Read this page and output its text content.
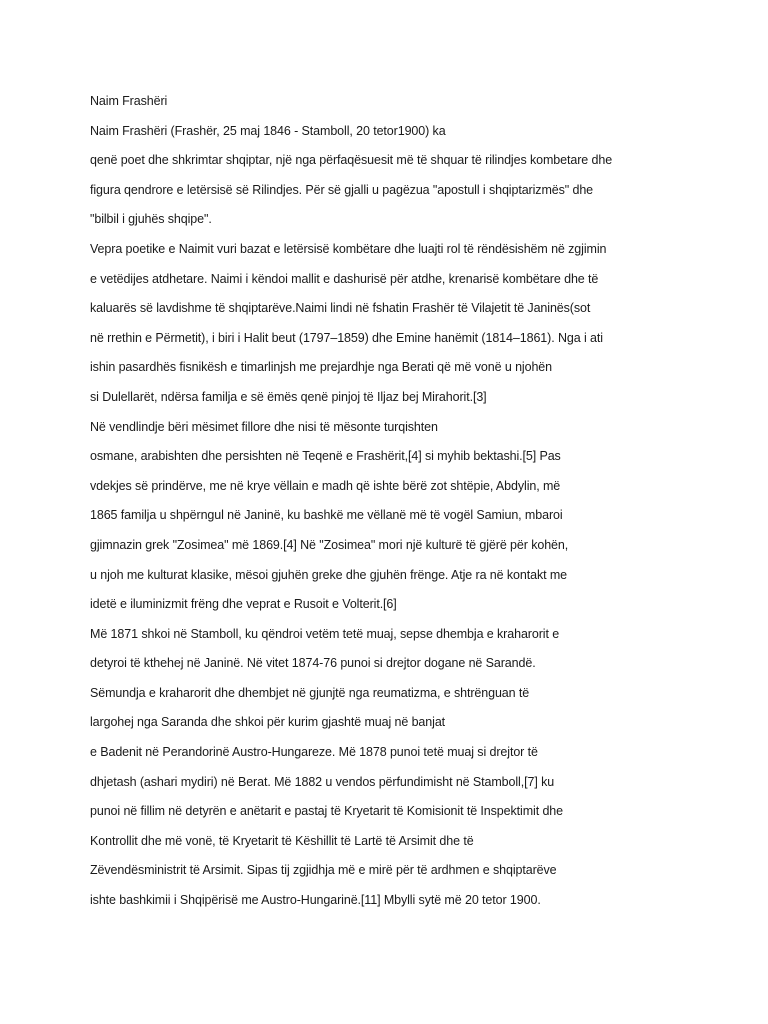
Naim Frashëri
Naim Frashëri (Frashër, 25 maj 1846 - Stamboll, 20 tetor1900) ka
qenë poet dhe shkrimtar shqiptar, një nga përfaqësuesit më të shquar të rilindjes kombetare dhe
figura qendrore e letërsisë së Rilindjes. Për së gjalli u pagëzua "apostull i shqiptarizmës" dhe
"bilbil i gjuhës shqipe".
Vepra poetike e Naimit vuri bazat e letërsisë kombëtare dhe luajti rol të rëndësishëm në zgjimin
e vetëdijes atdhetare. Naimi i këndoi mallit e dashurisë për atdhe, krenarisë kombëtare dhe të
kaluarës së lavdishme të shqiptarëve.Naimi lindi në fshatin Frashër të Vilajetit të Janinës(sot
në rrethin e Përmetit), i biri i Halit beut (1797–1859) dhe Emine hanëmit (1814–1861). Nga i ati
ishin pasardhës fisnikësh e timarlinjsh me prejardhje nga Berati që më vonë u njohën
si Dulellarët, ndërsa familja e së ëmës qenë pinjoj të Iljaz bej Mirahorit.[3]
Në vendlindje bëri mësimet fillore dhe nisi të mësonte turqishten
osmane, arabishten dhe persishten në Teqenë e Frashërit,[4] si myhib bektashi.[5] Pas
vdekjes së prindërve, me në krye vëllain e madh që ishte bërë zot shtëpie, Abdylin, më
1865 familja u shpërngul në Janinë, ku bashkë me vëllanë më të vogël Samiun, mbaroi
gjimnazin grek "Zosimea" më 1869.[4] Në "Zosimea" mori një kulturë të gjërë për kohën,
u njoh me kulturat klasike, mësoi gjuhën greke dhe gjuhën frënge. Atje ra në kontakt me
idetë e iluminizmit frëng dhe veprat e Rusoit e Volterit.[6]
Më 1871 shkoi në Stamboll, ku qëndroi vetëm tetë muaj, sepse dhembja e kraharorit e
detyroi të kthehej në Janinë. Në vitet 1874-76 punoi si drejtor dogane në Sarandë.
Sëmundja e kraharorit dhe dhembjet në gjunjtë nga reumatizma, e shtrënguan të
largohej nga Saranda dhe shkoi për kurim gjashtë muaj në banjat
e Badenit në Perandorinë Austro-Hungareze. Më 1878 punoi tetë muaj si drejtor të
dhjetash (ashari mydiri) në Berat. Më 1882 u vendos përfundimisht në Stamboll,[7] ku
punoi në fillim në detyrën e anëtarit e pastaj të Kryetarit të Komisionit të Inspektimit dhe
Kontrollit dhe më vonë, të Kryetarit të Këshillit të Lartë të Arsimit dhe të
Zëvendësministrit të Arsimit. Sipas tij zgjidhja më e mirë për të ardhmen e shqiptarëve
ishte bashkimii i Shqipërisë me Austro-Hungarinë.[11] Mbylli sytë më 20 tetor 1900.
